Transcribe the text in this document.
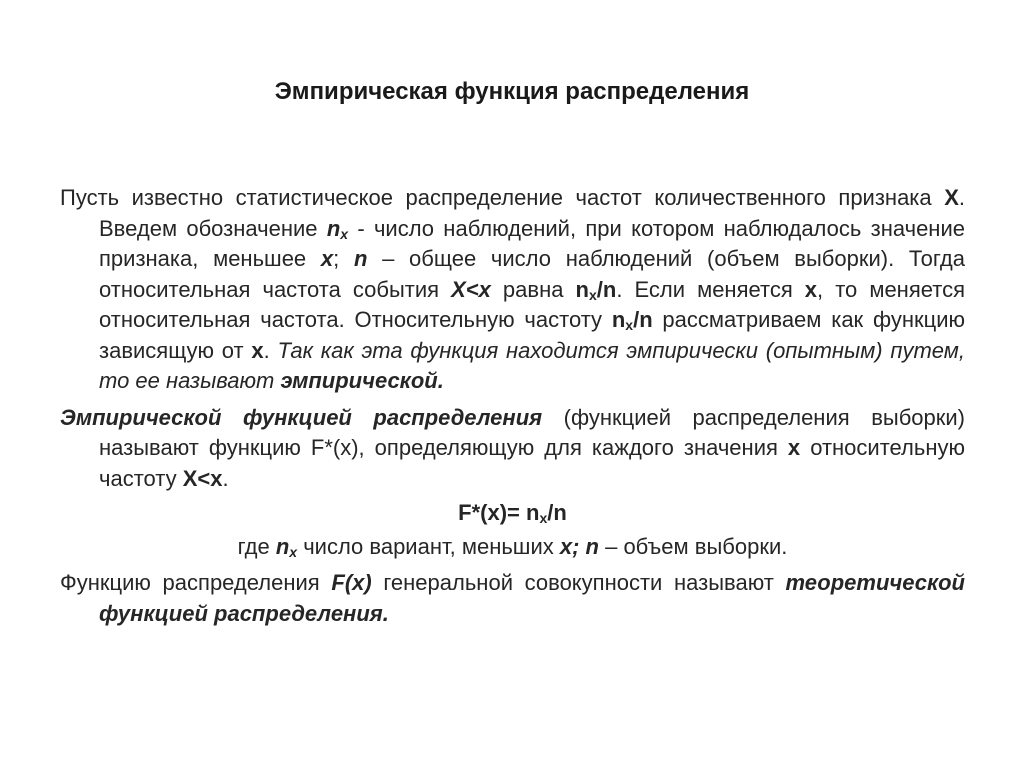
Эмпирическая функция распределения

Пусть известно статистическое распределение частот количественного признака X. Введем обозначение $n_x$ - число наблюдений, при котором наблюдалось значение признака, меньшее x; n – общее число наблюдений (объем выборки). Тогда относительная частота события X<x равна $n_x/n$. Если меняется x, то меняется относительная частота. Относительную частоту $n_x/n$ рассматриваем как функцию зависящую от x. Так как эта функция находится эмпирически (опытным) путем, то ее называют эмпирической.

Эмпирической функцией распределения (функцией распределения выборки) называют функцию F*(x), определяющую для каждого значения x относительную частоту X<x.

$F*(x)= n_x/n$

где $n_x$ число вариант, меньших x; n – объем выборки.

Функцию распределения F(x) генеральной совокупности называют теоретической функцией распределения.
